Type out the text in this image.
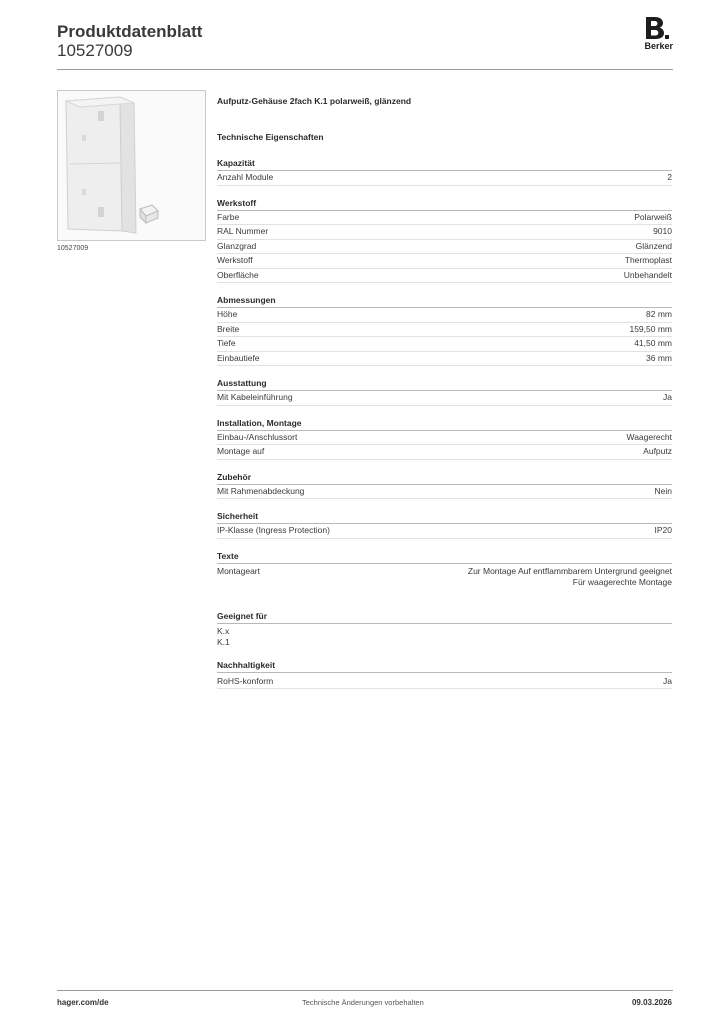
Produktdatenblatt
10527009	Berker
10527009
Aufputz-Gehäuse 2fach K.1 polarweiß, glänzend
Technische Eigenschaften
Kapazität
Anzahl Module	2
Werkstoff
Farbe	Polarweiß
RAL Nummer	9010
Glanzgrad	Glänzend
Werkstoff	Thermoplast
Oberfläche	Unbehandelt
Abmessungen
Höhe	82 mm
Breite	159,50 mm
Tiefe	41,50 mm
Einbautiefe	36 mm
Ausstattung
Mit Kabeleinführung	Ja
Installation, Montage
Einbau-/Anschlussort	Waagerecht
Montage auf	Aufputz
Zubehör
Mit Rahmenabdeckung	Nein
Sicherheit
IP-Klasse (Ingress Protection)	IP20
Texte
Montageart	Zur Montage Auf entflammbarem Untergrund geeignet
Für waagerechte Montage
Geeignet für
K.x
K.1
Nachhaltigkeit
RoHS-konform	Ja
hager.com/de	Technische Änderungen vorbehalten	09.03.2026
